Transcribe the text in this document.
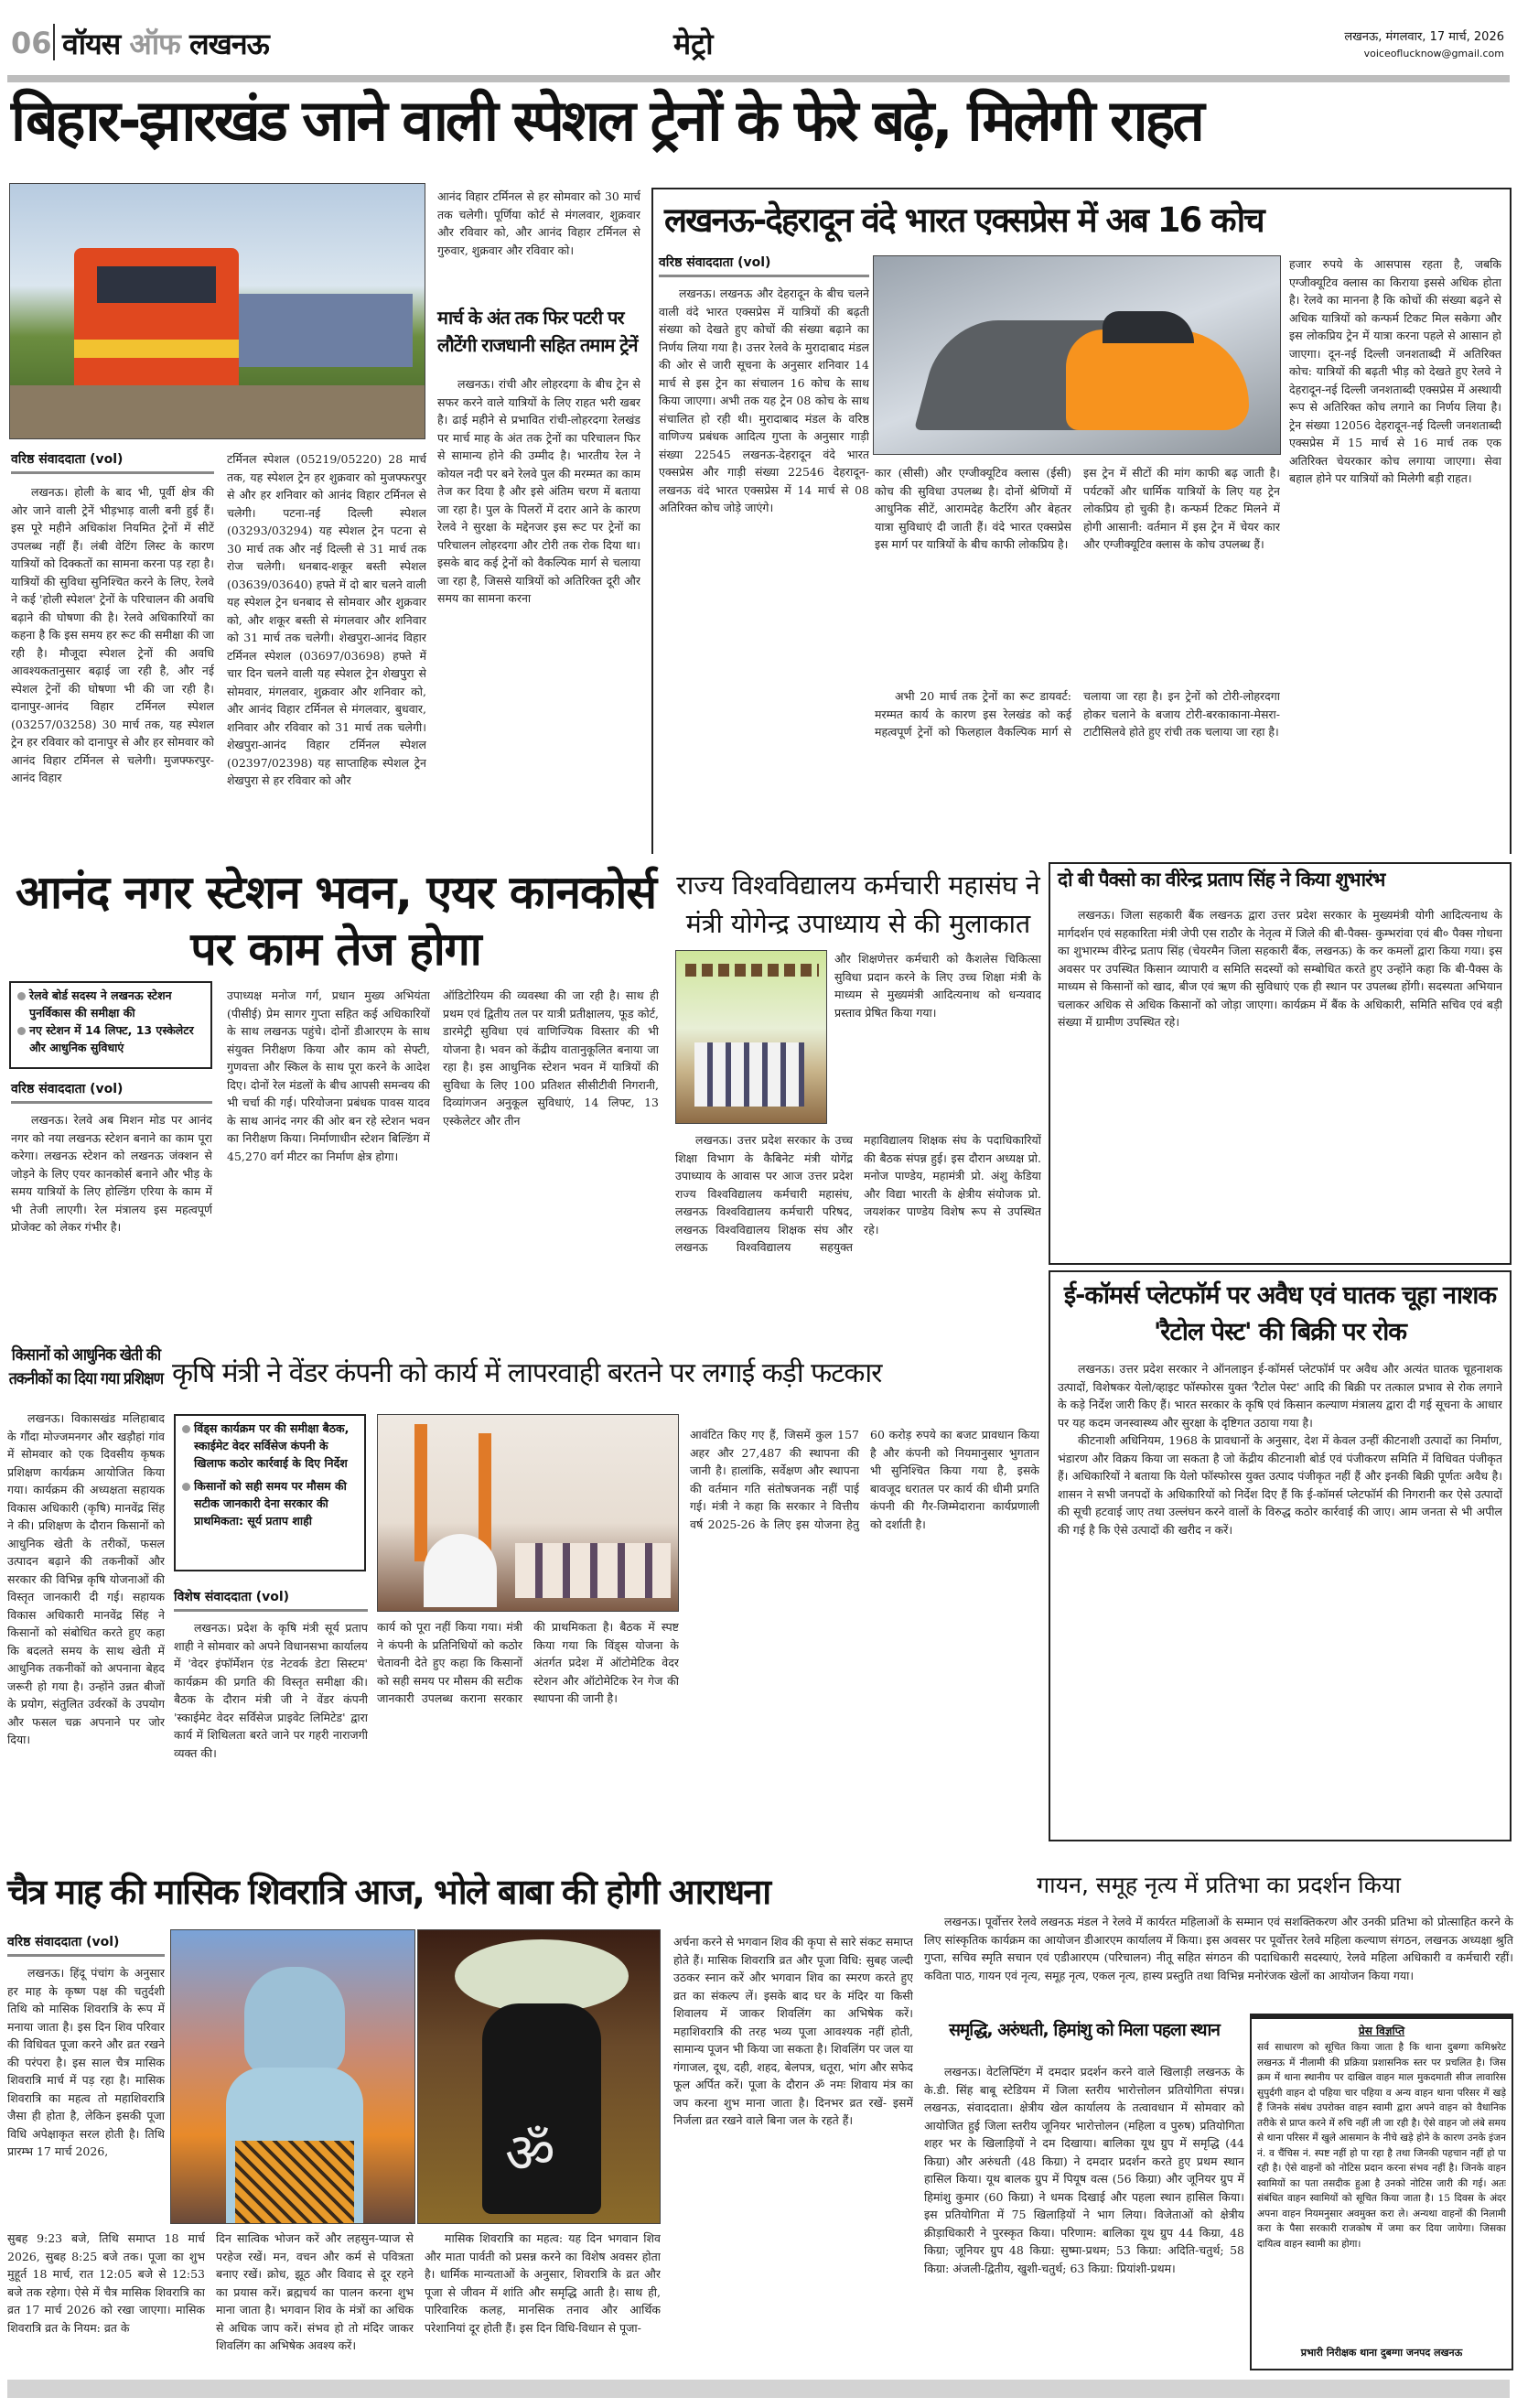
06 वॉयस ऑफ लखनऊ	मेट्रो	लखनऊ, मंगलवार, 17 मार्च, 2026
voiceoflucknow@gmail.com
बिहार-झारखंड जाने वाली स्पेशल ट्रेनों के फेरे बढ़े, मिलेगी राहत
वरिष्ठ संवाददाता (vol)

लखनऊ। होली के बाद भी, पूर्वी क्षेत्र की ओर जाने वाली ट्रेनें भीड़भाड़ वाली बनी हुई हैं। इस पूरे महीने अधिकांश नियमित ट्रेनों में सीटें उपलब्ध नहीं हैं। लंबी वेटिंग लिस्ट के कारण यात्रियों को दिक्कतों का सामना करना पड़ रहा है। यात्रियों की सुविधा सुनिश्चित करने के लिए, रेलवे ने कई 'होली स्पेशल' ट्रेनों के परिचालन की अवधि बढ़ाने की घोषणा की है। रेलवे अधिकारियों का कहना है कि इस समय हर रूट की समीक्षा की जा रही है। मौजूदा स्पेशल ट्रेनों की अवधि आवश्यकतानुसार बढ़ाई जा रही है, और नई स्पेशल ट्रेनों की घोषणा भी की जा रही है। दानापुर-आनंद विहार टर्मिनल स्पेशल (03257/03258) 30 मार्च तक, यह स्पेशल ट्रेन हर रविवार को दानापुर से और हर सोमवार को आनंद विहार टर्मिनल से चलेगी। मुजफ्फरपुर-आनंद विहार

टर्मिनल स्पेशल (05219/05220) 28 मार्च तक, यह स्पेशल ट्रेन हर शुक्रवार को मुजफ्फरपुर से और हर शनिवार को आनंद विहार टर्मिनल से चलेगी। पटना-नई दिल्ली स्पेशल (03293/03294) यह स्पेशल ट्रेन पटना से 30 मार्च तक और नई दिल्ली से 31 मार्च तक रोज चलेगी। धनबाद-शकूर बस्ती स्पेशल (03639/03640) हफ्ते में दो बार चलने वाली यह स्पेशल ट्रेन धनबाद से सोमवार और शुक्रवार को, और शकूर बस्ती से मंगलवार और शनिवार को 31 मार्च तक चलेगी। शेखपुरा-आनंद विहार टर्मिनल स्पेशल (03697/03698) हफ्ते में चार दिन चलने वाली यह स्पेशल ट्रेन शेखपुरा से सोमवार, मंगलवार, शुक्रवार और शनिवार को, और आनंद विहार टर्मिनल से मंगलवार, बुधवार, शनिवार और रविवार को 31 मार्च तक चलेगी। शेखपुरा-आनंद विहार टर्मिनल स्पेशल (02397/02398) यह साप्ताहिक स्पेशल ट्रेन शेखपुरा से हर रविवार को और

आनंद विहार टर्मिनल से हर सोमवार को 30 मार्च तक चलेगी। पूर्णिया कोर्ट से मंगलवार, शुक्रवार और रविवार को, और आनंद विहार टर्मिनल से गुरुवार, शुक्रवार और रविवार को।

मार्च के अंत तक फिर पटरी पर लौटेंगी राजधानी सहित तमाम ट्रेनें

लखनऊ। रांची और लोहरदगा के बीच ट्रेन से सफर करने वाले यात्रियों के लिए राहत भरी खबर है। ढाई महीने से प्रभावित रांची-लोहरदगा रेलखंड पर मार्च माह के अंत तक ट्रेनों का परिचालन फिर से सामान्य होने की उम्मीद है। भारतीय रेल ने कोयल नदी पर बने रेलवे पुल की मरम्मत का काम तेज कर दिया है और इसे अंतिम चरण में बताया जा रहा है। पुल के पिलरों में दरार आने के कारण रेलवे ने सुरक्षा के मद्देनजर इस रूट पर ट्रेनों का परिचालन लोहरदगा और टोरी तक रोक दिया था। इसके बाद कई ट्रेनों को वैकल्पिक मार्ग से चलाया जा रहा है, जिससे यात्रियों को अतिरिक्त दूरी और समय का सामना करना

लखनऊ-देहरादून वंदे भारत एक्सप्रेस में अब 16 कोच
वरिष्ठ संवाददाता (vol)

लखनऊ। लखनऊ और देहरादून के बीच चलने वाली वंदे भारत एक्सप्रेस में यात्रियों की बढ़ती संख्या को देखते हुए कोचों की संख्या बढ़ाने का निर्णय लिया गया है। उत्तर रेलवे के मुरादाबाद मंडल की ओर से जारी सूचना के अनुसार शनिवार 14 मार्च से इस ट्रेन का संचालन 16 कोच के साथ किया जाएगा। अभी तक यह ट्रेन 08 कोच के साथ संचालित हो रही थी। मुरादाबाद मंडल के वरिष्ठ वाणिज्य प्रबंधक आदित्य गुप्ता के अनुसार गाड़ी संख्या 22545 लखनऊ-देहरादून वंदे भारत एक्सप्रेस और गाड़ी संख्या 22546 देहरादून-लखनऊ वंदे भारत एक्सप्रेस में 14 मार्च से 08 अतिरिक्त कोच जोड़े जाएंगे।

कार (सीसी) और एग्जीक्यूटिव क्लास (ईसी) कोच की सुविधा उपलब्ध है। दोनों श्रेणियों में आधुनिक सीटें, आरामदेह कैटरिंग और बेहतर यात्रा सुविधाएं दी जाती हैं। वंदे भारत एक्सप्रेस इस मार्ग पर यात्रियों के बीच काफी लोकप्रिय है।

इस ट्रेन में सीटों की मांग काफी बढ़ जाती है। पर्यटकों और धार्मिक यात्रियों के लिए यह ट्रेन लोकप्रिय हो चुकी है। कन्फर्म टिकट मिलने में होगी आसानी: वर्तमान में इस ट्रेन में चेयर कार और एग्जीक्यूटिव क्लास के कोच उपलब्ध हैं।

अभी 20 मार्च तक ट्रेनों का रूट डायवर्ट: मरम्मत कार्य के कारण इस रेलखंड को कई महत्वपूर्ण ट्रेनों को फिलहाल वैकल्पिक मार्ग से चलाया जा रहा है। इन ट्रेनों को टोरी-लोहरदगा होकर चलाने के बजाय टोरी-बरकाकाना-मेसरा-टाटीसिलवे होते हुए रांची तक चलाया जा रहा है।

हजार रुपये के आसपास रहता है, जबकि एग्जीक्यूटिव क्लास का किराया इससे अधिक होता है। रेलवे का मानना है कि कोचों की संख्या बढ़ने से अधिक यात्रियों को कन्फर्म टिकट मिल सकेगा और इस लोकप्रिय ट्रेन में यात्रा करना पहले से आसान हो जाएगा। दून-नई दिल्ली जनशताब्दी में अतिरिक्त कोच: यात्रियों की बढ़ती भीड़ को देखते हुए रेलवे ने देहरादून-नई दिल्ली जनशताब्दी एक्सप्रेस में अस्थायी रूप से अतिरिक्त कोच लगाने का निर्णय लिया है। ट्रेन संख्या 12056 देहरादून-नई दिल्ली जनशताब्दी एक्सप्रेस में 15 मार्च से 16 मार्च तक एक अतिरिक्त चेयरकार कोच लगाया जाएगा। सेवा बहाल होने पर यात्रियों को मिलेगी बड़ी राहत।

आनंद नगर स्टेशन भवन, एयर कानकोर्स पर काम तेज होगा
रेलवे बोर्ड सदस्य ने लखनऊ स्टेशन पुनर्विकास की समीक्षा की
नए स्टेशन में 14 लिफ्ट, 13 एस्केलेटर और आधुनिक सुविधाएं
वरिष्ठ संवाददाता (vol)

लखनऊ। रेलवे अब मिशन मोड पर आनंद नगर को नया लखनऊ स्टेशन बनाने का काम पूरा करेगा। लखनऊ स्टेशन को लखनऊ जंक्शन से जोड़ने के लिए एयर कानकोर्स बनाने और भीड़ के समय यात्रियों के लिए होल्डिंग एरिया के काम में भी तेजी लाएगी। रेल मंत्रालय इस महत्वपूर्ण प्रोजेक्ट को लेकर गंभीर है।

उपाध्यक्ष मनोज गर्ग, प्रधान मुख्य अभियंता (पीसीई) प्रेम सागर गुप्ता सहित कई अधिकारियों के साथ लखनऊ पहुंचे। दोनों डीआरएम के साथ संयुक्त निरीक्षण किया और काम को सेफ्टी, गुणवत्ता और स्किल के साथ पूरा करने के आदेश दिए। दोनों रेल मंडलों के बीच आपसी समन्वय की भी चर्चा की गई। परियोजना प्रबंधक पावस यादव के साथ आनंद नगर की ओर बन रहे स्टेशन भवन का निरीक्षण किया। निर्माणाधीन स्टेशन बिल्डिंग में 45,270 वर्ग मीटर का निर्माण क्षेत्र होगा।

ऑडिटोरियम की व्यवस्था की जा रही है। साथ ही प्रथम एवं द्वितीय तल पर यात्री प्रतीक्षालय, फूड कोर्ट, डारमेट्री सुविधा एवं वाणिज्यिक विस्तार की भी योजना है। भवन को केंद्रीय वातानुकूलित बनाया जा रहा है। इस आधुनिक स्टेशन भवन में यात्रियों की सुविधा के लिए 100 प्रतिशत सीसीटीवी निगरानी, दिव्यांगजन अनुकूल सुविधाएं, 14 लिफ्ट, 13 एस्केलेटर और तीन

राज्य विश्वविद्यालय कर्मचारी महासंघ ने मंत्री योगेन्द्र उपाध्याय से की मुलाकात

और शिक्षणेत्तर कर्मचारी को कैशलेस चिकित्सा सुविधा प्रदान करने के लिए उच्च शिक्षा मंत्री के माध्यम से मुख्यमंत्री आदित्यनाथ को धन्यवाद प्रस्ताव प्रेषित किया गया।

लखनऊ। उत्तर प्रदेश सरकार के उच्च शिक्षा विभाग के कैबिनेट मंत्री योगेंद्र उपाध्याय के आवास पर आज उत्तर प्रदेश राज्य विश्वविद्यालय कर्मचारी महासंघ, लखनऊ विश्वविद्यालय कर्मचारी परिषद, लखनऊ विश्वविद्यालय शिक्षक संघ और लखनऊ विश्वविद्यालय सहयुक्त महाविद्यालय शिक्षक संघ के पदाधिकारियों की बैठक संपन्न हुई। इस दौरान अध्यक्ष प्रो. मनोज पाण्डेय, महामंत्री प्रो. अंशु केडिया और विद्या भारती के क्षेत्रीय संयोजक प्रो. जयशंकर पाण्डेय विशेष रूप से उपस्थित रहे।

दो बी पैक्सो का वीरेन्द्र प्रताप सिंह ने किया शुभारंभ

लखनऊ। जिला सहकारी बैंक लखनऊ द्वारा उत्तर प्रदेश सरकार के मुख्यमंत्री योगी आदित्यनाथ के मार्गदर्शन एवं सहकारिता मंत्री जेपी एस राठौर के नेतृत्व में जिले की बी-पैक्स- कुम्भरांवा एवं बी० पैक्स गोधना का शुभारम्भ वीरेन्द्र प्रताप सिंह (चेयरमैन जिला सहकारी बैंक, लखनऊ) के कर कमलों द्वारा किया गया। इस अवसर पर उपस्थित किसान व्यापारी व समिति सदस्यों को सम्बोधित करते हुए उन्होंने कहा कि बी-पैक्स के माध्यम से किसानों को खाद, बीज एवं ऋण की सुविधाएं एक ही स्थान पर उपलब्ध होंगी। सदस्यता अभियान चलाकर अधिक से अधिक किसानों को जोड़ा जाएगा। कार्यक्रम में बैंक के अधिकारी, समिति सचिव एवं बड़ी संख्या में ग्रामीण उपस्थित रहे।

ई-कॉमर्स प्लेटफॉर्म पर अवैध एवं घातक चूहा नाशक 'रैटोल पेस्ट' की बिक्री पर रोक

लखनऊ। उत्तर प्रदेश सरकार ने ऑनलाइन ई-कॉमर्स प्लेटफॉर्म पर अवैध और अत्यंत घातक चूहनाशक उत्पादों, विशेषकर येलो/व्हाइट फॉस्फोरस युक्त 'रैटोल पेस्ट' आदि की बिक्री पर तत्काल प्रभाव से रोक लगाने के कड़े निर्देश जारी किए हैं। भारत सरकार के कृषि एवं किसान कल्याण मंत्रालय द्वारा दी गई सूचना के आधार पर यह कदम जनस्वास्थ्य और सुरक्षा के दृष्टिगत उठाया गया है।

कीटनाशी अधिनियम, 1968 के प्रावधानों के अनुसार, देश में केवल उन्हीं कीटनाशी उत्पादों का निर्माण, भंडारण और विक्रय किया जा सकता है जो केंद्रीय कीटनाशी बोर्ड एवं पंजीकरण समिति में विधिवत पंजीकृत हैं। अधिकारियों ने बताया कि येलो फॉस्फोरस युक्त उत्पाद पंजीकृत नहीं हैं और इनकी बिक्री पूर्णतः अवैध है। शासन ने सभी जनपदों के अधिकारियों को निर्देश दिए हैं कि ई-कॉमर्स प्लेटफॉर्म की निगरानी कर ऐसे उत्पादों की सूची हटवाई जाए तथा उल्लंघन करने वालों के विरुद्ध कठोर कार्रवाई की जाए। आम जनता से भी अपील की गई है कि ऐसे उत्पादों की खरीद न करें।

किसानों को आधुनिक खेती की तकनीकों का दिया गया प्रशिक्षण

लखनऊ। विकासखंड मलिहाबाद के गौंदा मोज्जमनगर और खड़ौहां गांव में सोमवार को एक दिवसीय कृषक प्रशिक्षण कार्यक्रम आयोजित किया गया। कार्यक्रम की अध्यक्षता सहायक विकास अधिकारी (कृषि) मानवेंद्र सिंह ने की। प्रशिक्षण के दौरान किसानों को आधुनिक खेती के तरीकों, फसल उत्पादन बढ़ाने की तकनीकों और सरकार की विभिन्न कृषि योजनाओं की विस्तृत जानकारी दी गई। सहायक विकास अधिकारी मानवेंद्र सिंह ने किसानों को संबोधित करते हुए कहा कि बदलते समय के साथ खेती में आधुनिक तकनीकों को अपनाना बेहद जरूरी हो गया है। उन्होंने उन्नत बीजों के प्रयोग, संतुलित उर्वरकों के उपयोग और फसल चक्र अपनाने पर जोर दिया।

कृषि मंत्री ने वेंडर कंपनी को कार्य में लापरवाही बरतने पर लगाई कड़ी फटकार
विंड्स कार्यक्रम पर की समीक्षा बैठक, स्काईमेट वेदर सर्विसेज कंपनी के खिलाफ कठोर कार्रवाई के दिए निर्देश
किसानों को सही समय पर मौसम की सटीक जानकारी देना सरकार की प्राथमिकता: सूर्य प्रताप शाही
विशेष संवाददाता (vol)

लखनऊ। प्रदेश के कृषि मंत्री सूर्य प्रताप शाही ने सोमवार को अपने विधानसभा कार्यालय में 'वेदर इंफॉर्मेशन एंड नेटवर्क डेटा सिस्टम' कार्यक्रम की प्रगति की विस्तृत समीक्षा की। बैठक के दौरान मंत्री जी ने वेंडर कंपनी 'स्काईमेट वेदर सर्विसेज प्राइवेट लिमिटेड' द्वारा कार्य में शिथिलता बरते जाने पर गहरी नाराजगी व्यक्त की।

कार्य को पूरा नहीं किया गया। मंत्री ने कंपनी के प्रतिनिधियों को कठोर चेतावनी देते हुए कहा कि किसानों को सही समय पर मौसम की सटीक जानकारी उपलब्ध कराना सरकार की प्राथमिकता है। बैठक में स्पष्ट किया गया कि विंड्स योजना के अंतर्गत प्रदेश में ऑटोमेटिक वेदर स्टेशन और ऑटोमेटिक रेन गेज की स्थापना की जानी है।

आवंटित किए गए हैं, जिसमें कुल 157 अहर और 27,487 की स्थापना की जानी है। हालांकि, सर्वेक्षण और स्थापना की वर्तमान गति संतोषजनक नहीं पाई गई। मंत्री ने कहा कि सरकार ने वित्तीय वर्ष 2025-26 के लिए इस योजना हेतु 60 करोड़ रुपये का बजट प्रावधान किया है और कंपनी को नियमानुसार भुगतान भी सुनिश्चित किया गया है, इसके बावजूद धरातल पर कार्य की धीमी प्रगति कंपनी की गैर-जिम्मेदाराना कार्यप्रणाली को दर्शाती है।

चैत्र माह की मासिक शिवरात्रि आज, भोले बाबा की होगी आराधना
वरिष्ठ संवाददाता (vol)

लखनऊ। हिंदू पंचांग के अनुसार हर माह के कृष्ण पक्ष की चतुर्दशी तिथि को मासिक शिवरात्रि के रूप में मनाया जाता है। इस दिन शिव परिवार की विधिवत पूजा करने और व्रत रखने की परंपरा है। इस साल चैत्र मासिक शिवरात्रि मार्च में पड़ रहा है। मासिक शिवरात्रि का महत्व तो महाशिवरात्रि जैसा ही होता है, लेकिन इसकी पूजा विधि अपेक्षाकृत सरल होती है। तिथि प्रारम्भ 17 मार्च 2026,	ॐ

सुबह 9:23 बजे, तिथि समाप्त 18 मार्च 2026, सुबह 8:25 बजे तक। पूजा का शुभ मुहूर्त 18 मार्च, रात 12:05 बजे से 12:53 बजे तक रहेगा। ऐसे में चैत्र मासिक शिवरात्रि का व्रत 17 मार्च 2026 को रखा जाएगा। मासिक शिवरात्रि व्रत के नियम: व्रत के

दिन सात्विक भोजन करें और लहसुन-प्याज से परहेज रखें। मन, वचन और कर्म से पवित्रता बनाए रखें। क्रोध, झूठ और विवाद से दूर रहने का प्रयास करें। ब्रह्मचर्य का पालन करना शुभ माना जाता है। भगवान शिव के मंत्रों का अधिक से अधिक जाप करें। संभव हो तो मंदिर जाकर शिवलिंग का अभिषेक अवश्य करें।

मासिक शिवरात्रि का महत्व: यह दिन भगवान शिव और माता पार्वती को प्रसन्न करने का विशेष अवसर होता है। धार्मिक मान्यताओं के अनुसार, शिवरात्रि के व्रत और पूजा से जीवन में शांति और समृद्धि आती है। साथ ही, पारिवारिक कलह, मानसिक तनाव और आर्थिक परेशानियां दूर होती हैं। इस दिन विधि-विधान से पूजा-

अर्चना करने से भगवान शिव की कृपा से सारे संकट समाप्त होते हैं। मासिक शिवरात्रि व्रत और पूजा विधि: सुबह जल्दी उठकर स्नान करें और भगवान शिव का स्मरण करते हुए व्रत का संकल्प लें। इसके बाद घर के मंदिर या किसी शिवालय में जाकर शिवलिंग का अभिषेक करें। महाशिवरात्रि की तरह भव्य पूजा आवश्यक नहीं होती, सामान्य पूजन भी किया जा सकता है। शिवलिंग पर जल या गंगाजल, दूध, दही, शहद, बेलपत्र, धतूरा, भांग और सफेद फूल अर्पित करें। पूजा के दौरान ॐ नमः शिवाय मंत्र का जप करना शुभ माना जाता है। दिनभर व्रत रखें- इसमें निर्जला व्रत रखने वाले बिना जल के रहते हैं।

गायन, समूह नृत्य में प्रतिभा का प्रदर्शन किया

लखनऊ। पूर्वोत्तर रेलवे लखनऊ मंडल ने रेलवे में कार्यरत महिलाओं के सम्मान एवं सशक्तिकरण और उनकी प्रतिभा को प्रोत्साहित करने के लिए सांस्कृतिक कार्यक्रम का आयोजन डीआरएम कार्यालय में किया। इस अवसर पर पूर्वोत्तर रेलवे महिला कल्याण संगठन, लखनऊ अध्यक्षा श्रुति गुप्ता, सचिव स्मृति सचान एवं एडीआरएम (परिचालन) नीतू सहित संगठन की पदाधिकारी सदस्याएं, रेलवे महिला अधिकारी व कर्मचारी रहीं। कविता पाठ, गायन एवं नृत्य, समूह नृत्य, एकल नृत्य, हास्य प्रस्तुति तथा विभिन्न मनोरंजक खेलों का आयोजन किया गया।

समृद्धि, अरुंधती, हिमांशु को मिला पहला स्थान

लखनऊ। वेटलिफ्टिंग में दमदार प्रदर्शन करने वाले खिलाड़ी लखनऊ के के.डी. सिंह बाबू स्टेडियम में जिला स्तरीय भारोत्तोलन प्रतियोगिता संपन्न। लखनऊ, संवाददाता। क्षेत्रीय खेल कार्यालय के तत्वावधान में सोमवार को आयोजित हुई जिला स्तरीय जूनियर भारोत्तोलन (महिला व पुरुष) प्रतियोगिता शहर भर के खिलाड़ियों ने दम दिखाया। बालिका यूथ ग्रुप में समृद्धि (44 किग्रा) और अरुंधती (48 किग्रा) ने दमदार प्रदर्शन करते हुए प्रथम स्थान हासिल किया। यूथ बालक ग्रुप में पियूष वत्स (56 किग्रा) और जूनियर ग्रुप में हिमांशु कुमार (60 किग्रा) ने धमक दिखाई और पहला स्थान हासिल किया। इस प्रतियोगिता में 75 खिलाड़ियों ने भाग लिया। विजेताओं को क्षेत्रीय क्रीड़ाधिकारी ने पुरस्कृत किया। परिणाम: बालिका यूथ ग्रुप 44 किग्रा, 48 किग्रा; जूनियर ग्रुप 48 किग्रा: सुष्मा-प्रथम; 53 किग्रा: अदिति-चतुर्थ; 58 किग्रा: अंजली-द्वितीय, खुशी-चतुर्थ; 63 किग्रा: प्रियांशी-प्रथम।

प्रेस विज्ञप्ति
सर्व साधारण को सूचित किया जाता है कि थाना दुबग्गा कमिश्नरेट लखनऊ में नीलामी की प्रक्रिया प्रशासनिक स्तर पर प्रचलित है। जिस क्रम में थाना स्थानीय पर दाखिल वाहन माल मुकदमाती सीज लावारिस सुपुर्दगी वाहन दो पहिया चार पहिया व अन्य वाहन थाना परिसर में खड़े हैं जिनके संबंध उपरोक्त वाहन स्वामी द्वारा अपने वाहन को वैधानिक तरीके से प्राप्त करने में रुचि नहीं ली जा रही है। ऐसे वाहन जो लंबे समय से थाना परिसर में खुले आसमान के नीचे खड़े होने के कारण उनके इंजन नं. व चैंचिस नं. स्पष्ट नहीं हो पा रहा है तथा जिनकी पहचान नहीं हो पा रही है। ऐसे वाहनों को नोटिस प्रदान करना संभव नहीं है। जिनके वाहन स्वामियों का पता तसदीक हुआ है उनको नोटिस जारी की गई। अतः संबंधित वाहन स्वामियों को सूचित किया जाता है। 15 दिवस के अंदर अपना वाहन नियमनुसार अवमुक्त करा ले। अन्यथा वाहनों की निलामी करा के पैसा सरकारी राजकोष में जमा कर दिया जायेगा। जिसका दायित्व वाहन स्वामी का होगा।
प्रभारी निरीक्षक थाना दुबग्गा जनपद लखनऊ
